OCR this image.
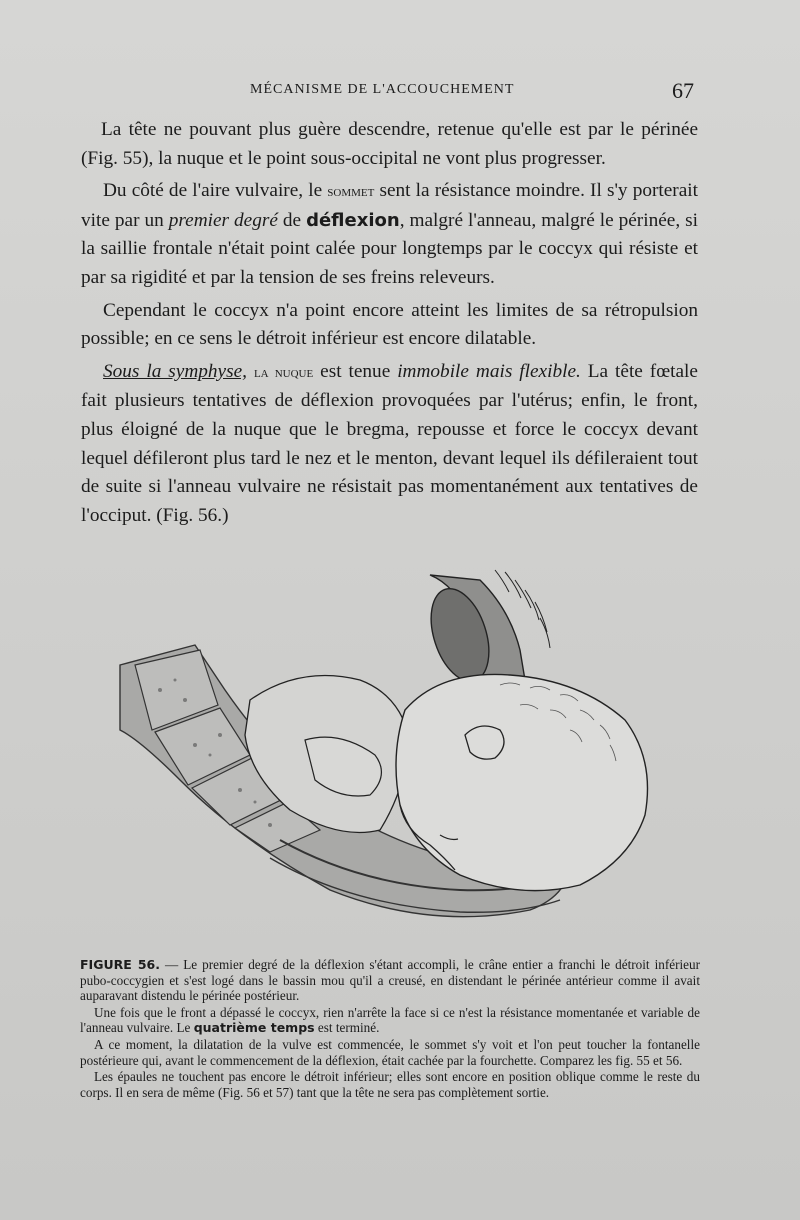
MÉCANISME DE L'ACCOUCHEMENT	67

La tête ne pouvant plus guère descendre, retenue qu'elle est par le périnée (Fig. 55), la nuque et le point sous-occipital ne vont plus progresser.

Du côté de l'aire vulvaire, le sommet sent la résistance moindre. Il s'y porterait vite par un premier degré de déflexion, malgré l'anneau, malgré le périnée, si la saillie frontale n'était point calée pour longtemps par le coccyx qui résiste et par sa rigidité et par la tension de ses freins releveurs.

Cependant le coccyx n'a point encore atteint les limites de sa rétropulsion possible; en ce sens le détroit inférieur est encore dilatable.

Sous la symphyse, la nuque est tenue immobile mais flexible. La tête fœtale fait plusieurs tentatives de déflexion provoquées par l'utérus; enfin, le front, plus éloigné de la nuque que le bregma, repousse et force le coccyx devant lequel défileront plus tard le nez et le menton, devant lequel ils défileraient tout de suite si l'anneau vulvaire ne résistait pas momentanément aux tentatives de l'occiput. (Fig. 56.)

FIGURE 56. — Le premier degré de la déflexion s'étant accompli, le crâne entier a franchi le détroit inférieur pubo-coccygien et s'est logé dans le bassin mou qu'il a creusé, en distendant le périnée antérieur comme il avait auparavant distendu le périnée postérieur.

Une fois que le front a dépassé le coccyx, rien n'arrête la face si ce n'est la résistance momentanée et variable de l'anneau vulvaire. Le quatrième temps est terminé.

A ce moment, la dilatation de la vulve est commencée, le sommet s'y voit et l'on peut toucher la fontanelle postérieure qui, avant le commencement de la déflexion, était cachée par la fourchette. Comparez les fig. 55 et 56.

Les épaules ne touchent pas encore le détroit inférieur; elles sont encore en position oblique comme le reste du corps. Il en sera de même (Fig. 56 et 57) tant que la tête ne sera pas complètement sortie.
